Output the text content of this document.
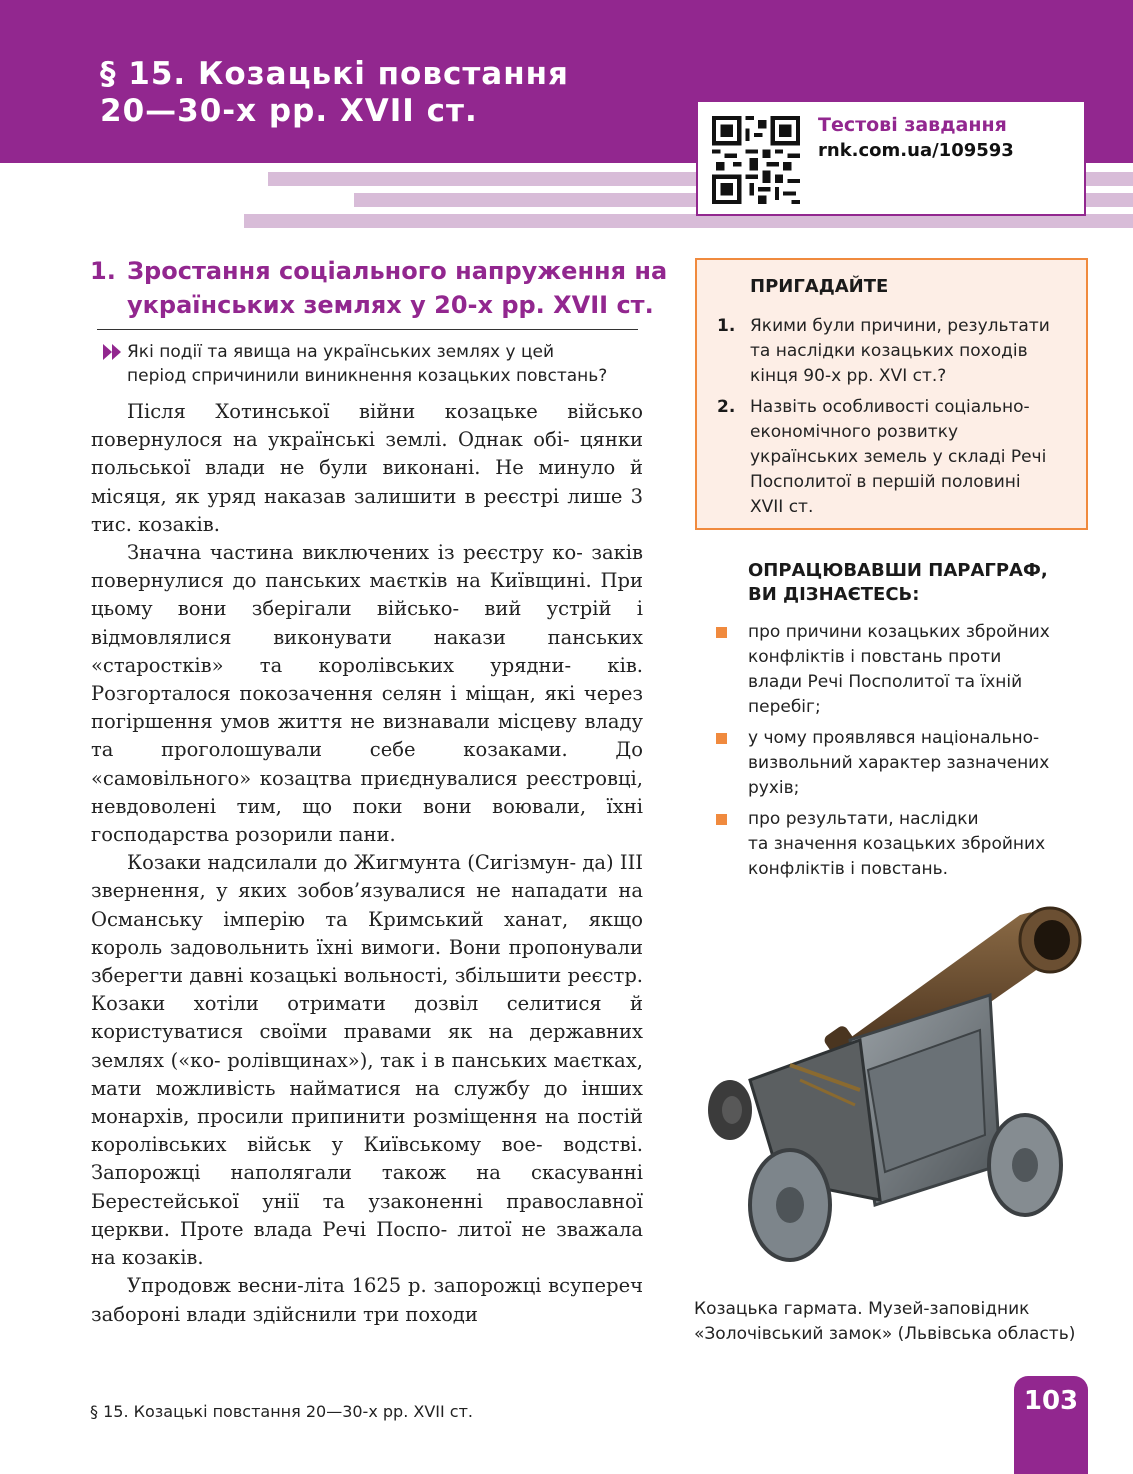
§ 15. Козацькі повстання
20—30-х рр. XVII ст.	Тестові завдання
rnk.com.ua/109593
1. Зростання соціального напруження на
українських землях у 20-х рр. XVII ст.
Які події та явища на українських землях у цей
період спричинили виникнення козацьких повстань?

Після Хотинської війни козацьке військо повернулося на українські землі. Однак обі- цянки польської влади не були виконані. Не минуло й місяця, як уряд наказав залишити в реєстрі лише 3 тис. козаків.

Значна частина виключених із реєстру ко- заків повернулися до панських маєтків на Київщині. При цьому вони зберігали військо- вий устрій і відмовлялися виконувати накази панських «старостків» та королівських урядни- ків. Розгорталося покозачення селян і міщан, які через погіршення умов життя не визнавали місцеву владу та проголошували себе козаками. До «самовільного» козацтва приєднувалися реєстровці, невдоволені тим, що поки вони воювали, їхні господарства розорили пани.

Козаки надсилали до Жигмунта (Сигізмун- да) III звернення, у яких зобов’язувалися не нападати на Османську імперію та Кримський ханат, якщо король задовольнить їхні вимоги. Вони пропонували зберегти давні козацькі вольності, збільшити реєстр. Козаки хотіли отримати дозвіл селитися й користуватися своїми правами як на державних землях («ко- ролівщинах»), так і в панських маєтках, мати можливість найматися на службу до інших монархів, просили припинити розміщення на постій королівських військ у Київському вое- водстві. Запорожці наполягали також на скасуванні Берестейської унії та узаконенні православної церкви. Проте влада Речі Поспо- литої не зважала на козаків.

Упродовж весни-літа 1625 р. запорожці всупереч забороні влади здійснили три походи

ПРИГАДАЙТЕ
1. Якими були причини, результати
та наслідки козацьких походів
кінця 90-х рр. XVI ст.?
2. Назвіть особливості соціально-
економічного розвитку
українських земель у складі Речі
Посполитої в першій половині
XVII ст.
ОПРАЦЮВАВШИ ПАРАГРАФ,
ВИ ДІЗНАЄТЕСЬ:
про причини козацьких збройних
конфліктів і повстань проти
влади Речі Посполитої та їхній
перебіг;
у чому проявлявся національно-
визвольний характер зазначених
рухів;
про результати, наслідки
та значення козацьких збройних
конфліктів і повстань.
Козацька гармата. Музей-заповідник
«Золочівський замок» (Львівська область)
§ 15. Козацькі повстання 20—30-х рр. XVII ст.	103
